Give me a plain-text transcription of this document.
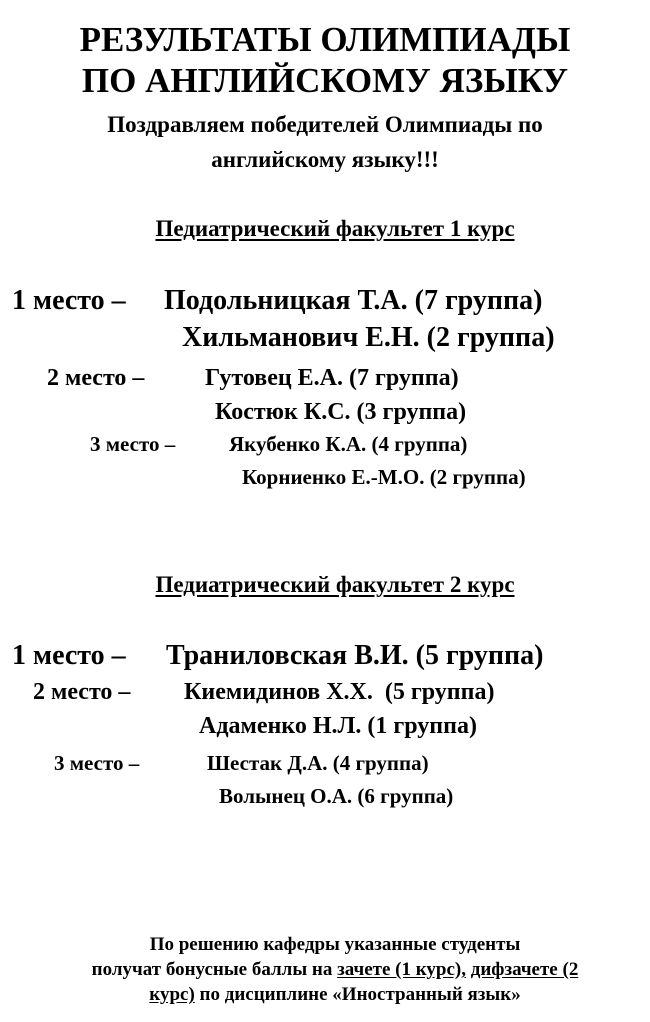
РЕЗУЛЬТАТЫ ОЛИМПИАДЫ
ПО АНГЛИЙСКОМУ ЯЗЫКУ
Поздравляем победителей Олимпиады по
английскому языку!!!
Педиатрический факультет 1 курс
1 место – Подольницкая Т.А. (7 группа)
Хильманович Е.Н. (2 группа)
2 место –	Гутовец Е.А. (7 группа)
Костюк К.С. (3 группа)
3 место –	Якубенко К.А. (4 группа)
Корниенко Е.-М.О. (2 группа)
Педиатрический факультет 2 курс
1 место – Траниловская В.И. (5 группа)
2 место – Киемидинов Х.Х.  (5 группа)
Адаменко Н.Л. (1 группа)
3 место –	Шестак Д.А. (4 группа)
Волынец О.А. (6 группа)
По решению кафедры указанные студенты
получат бонусные баллы на зачете (1 курс), дифзачете (2
курс) по дисциплине «Иностранный язык»
